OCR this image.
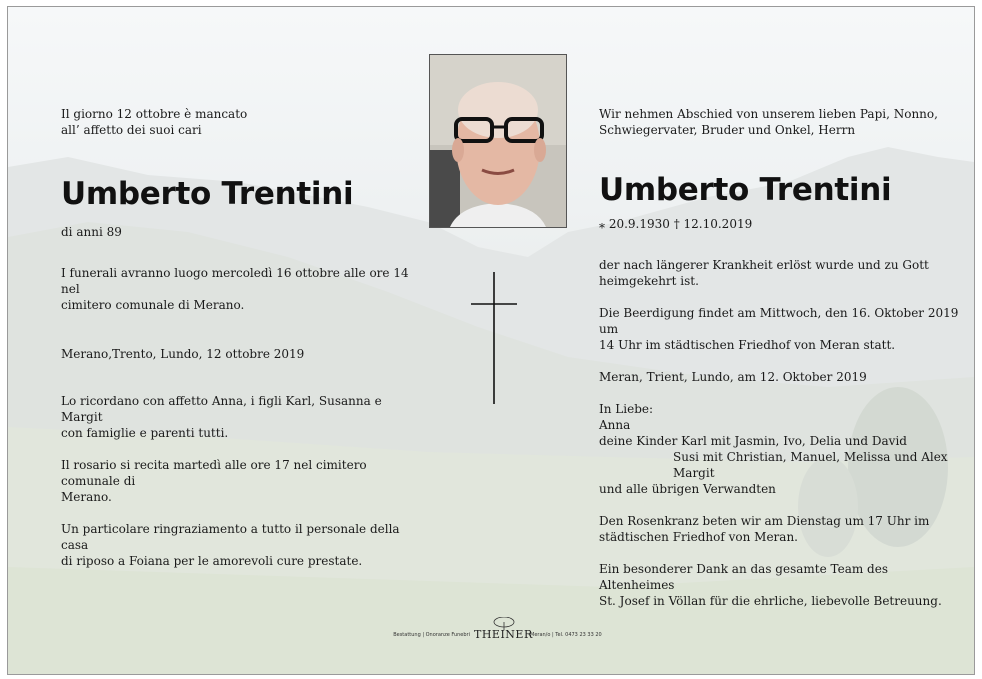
Il giorno 12 ottobre è mancato

all’ affetto dei suoi cari

Umberto Trentini

di anni 89

I funerali avranno luogo mercoledì 16 ottobre alle ore 14 nel

cimitero comunale di Merano.

Merano,Trento, Lundo, 12 ottobre 2019

Lo ricordano con affetto Anna, i figli Karl, Susanna e Margit

con famiglie e parenti tutti.

Il rosario si recita martedì alle ore 17 nel cimitero comunale di

Merano.

Un particolare ringraziamento a tutto il personale della casa

di riposo a Foiana per le amorevoli cure prestate.

Wir nehmen Abschied von unserem lieben Papi, Nonno,

Schwiegervater, Bruder und Onkel, Herrn

Umberto Trentini

⁎ 20.9.1930 † 12.10.2019

der nach längerer Krankheit erlöst wurde und zu Gott

heimgekehrt ist.

Die Beerdigung findet am Mittwoch, den 16. Oktober 2019 um

14 Uhr im städtischen Friedhof von Meran statt.

Meran, Trient, Lundo, am 12. Oktober 2019

In Liebe:

Anna

deine Kinder Karl mit Jasmin, Ivo, Delia und David

Susi mit Christian, Manuel, Melissa und Alex

Margit

und alle übrigen Verwandten

Den Rosenkranz beten wir am Dienstag um 17 Uhr im

städtischen Friedhof von Meran.

Ein besonderer Dank an das gesamte Team des Altenheimes

St. Josef in Völlan für die ehrliche, liebevolle Betreuung.

Bestattung | Onoranze Funebri THEINER
Meran/o | Tel. 0473 23 33 20
